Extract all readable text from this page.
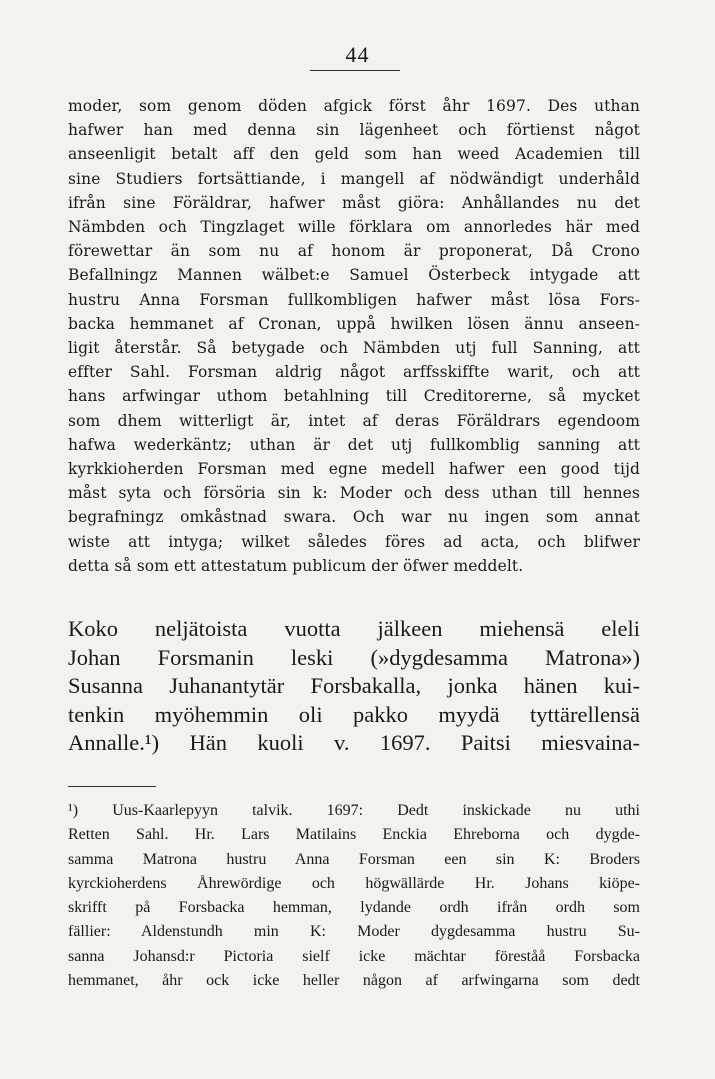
44
moder, som genom döden afgick först åhr 1697. Des uthan
hafwer han med denna sin lägenheet och förtienst något
anseenligit betalt aff den geld som han weed Academien till
sine Studiers fortsättiande, i mangell af nödwändigt underhåld
ifrån sine Föräldrar, hafwer måst giöra: Anhållandes nu det
Nämbden och Tingzlaget wille förklara om annorledes här med
förewettar än som nu af honom är proponerat, Då Crono
Befallningz Mannen wälbet:e Samuel Österbeck intygade att
hustru Anna Forsman fullkombligen hafwer måst lösa Fors-
backa hemmanet af Cronan, uppå hwilken lösen ännu anseen-
ligit återstår. Så betygade och Nämbden utj full Sanning, att
effter Sahl. Forsman aldrig något arffsskiffte warit, och att
hans arfwingar uthom betahlning till Creditorerne, så mycket
som dhem witterligt är, intet af deras Föräldrars egendoom
hafwa wederkäntz; uthan är det utj fullkomblig sanning att
kyrkkioherden Forsman med egne medell hafwer een good tijd
måst syta och försöria sin k: Moder och dess uthan till hennes
begrafningz omkåstnad swara. Och war nu ingen som annat
wiste att intyga; wilket således föres ad acta, och blifwer
detta så som ett attestatum publicum der öfwer meddelt.
Koko neljätoista vuotta jälkeen miehensä eleli
Johan Forsmanin leski (»dygdesamma Matrona»)
Susanna Juhanantytär Forsbakalla, jonka hänen kui-
tenkin myöhemmin oli pakko myydä tyttärellensä
Annalle.¹) Hän kuoli v. 1697. Paitsi miesvaina-
¹) Uus-Kaarlepyyn talvik. 1697: Dedt inskickade nu uthi
Retten Sahl. Hr. Lars Matilains Enckia Ehreborna och dygde-
samma Matrona hustru Anna Forsman een sin K: Broders
kyrckioherdens Åhrewördige och högwällärde Hr. Johans kiöpe-
skrifft på Forsbacka hemman, lydande ordh ifrån ordh som
fällier: Aldenstundh min K: Moder dygdesamma hustru Su-
sanna Johansd:r Pictoria sielf icke mächtar föreståå Forsbacka
hemmanet, åhr ock icke heller någon af arfwingarna som dedt
